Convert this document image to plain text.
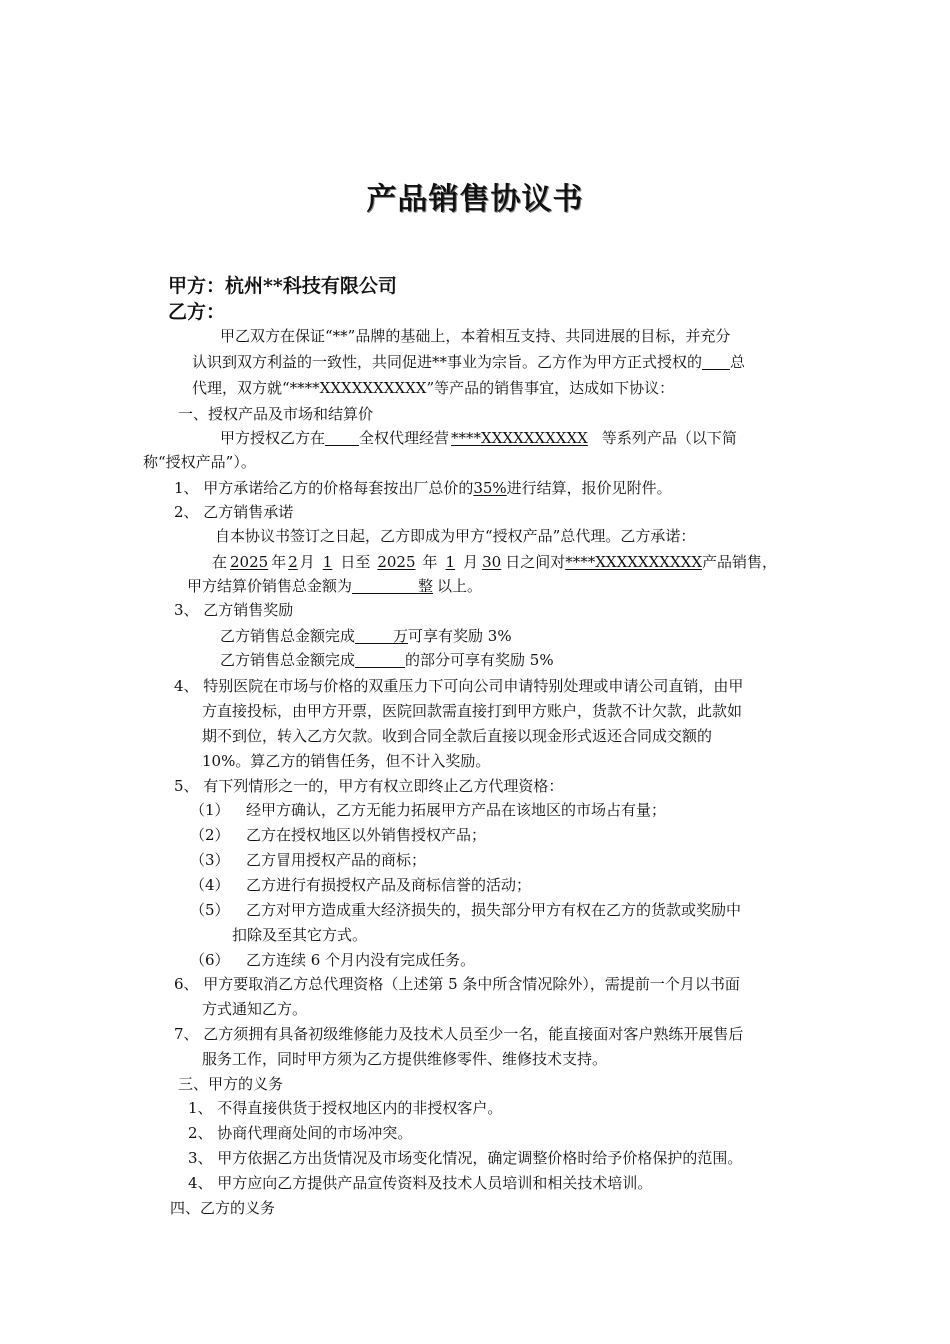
产品销售协议书
甲方：杭州**科技有限公司
乙方：
甲乙双方在保证“**”品牌的基础上，本着相互支持、共同进展的目标，并充分
认识到双方利益的一致性，共同促进**事业为宗旨。乙方作为甲方正式授权的 总
代理，双方就“****XXXXXXXXXX”等产品的销售事宜，达成如下协议：
一、授权产品及市场和结算价
甲方授权乙方在 全权代理经营 ****XXXXXXXXXX 等系列产品（以下简
称“授权产品”）。
1、 甲方承诺给乙方的价格每套按出厂总价的35%进行结算，报价见附件。
2、 乙方销售承诺
自本协议书签订之日起，乙方即成为甲方“授权产品”总代理。乙方承诺：
在 2025 年 2 月 1 日至 2025 年 1 月 30 日之间对****XXXXXXXXXX产品销售，
甲方结算价销售总金额为	整 以上。
3、 乙方销售奖励
乙方销售总金额完成	万可享有奖励 3%
乙方销售总金额完成	的部分可享有奖励 5%
4、 特别医院在市场与价格的双重压力下可向公司申请特别处理或申请公司直销，由甲
方直接投标，由甲方开票，医院回款需直接打到甲方账户，货款不计欠款，此款如
期不到位，转入乙方欠款。收到合同全款后直接以现金形式返还合同成交额的
10%。算乙方的销售任务，但不计入奖励。
5、 有下列情形之一的，甲方有权立即终止乙方代理资格：
（1） 经甲方确认，乙方无能力拓展甲方产品在该地区的市场占有量；
（2） 乙方在授权地区以外销售授权产品；
（3） 乙方冒用授权产品的商标；
（4） 乙方进行有损授权产品及商标信誉的活动；
（5） 乙方对甲方造成重大经济损失的，损失部分甲方有权在乙方的货款或奖励中
扣除及至其它方式。
（6） 乙方连续 6 个月内没有完成任务。
6、 甲方要取消乙方总代理资格（上述第 5 条中所含情况除外），需提前一个月以书面
方式通知乙方。
7、 乙方须拥有具备初级维修能力及技术人员至少一名，能直接面对客户熟练开展售后
服务工作，同时甲方须为乙方提供维修零件、维修技术支持。
三、甲方的义务
1、 不得直接供货于授权地区内的非授权客户。
2、 协商代理商处间的市场冲突。
3、 甲方依据乙方出货情况及市场变化情况，确定调整价格时给予价格保护的范围。
4、 甲方应向乙方提供产品宣传资料及技术人员培训和相关技术培训。
四、乙方的义务
